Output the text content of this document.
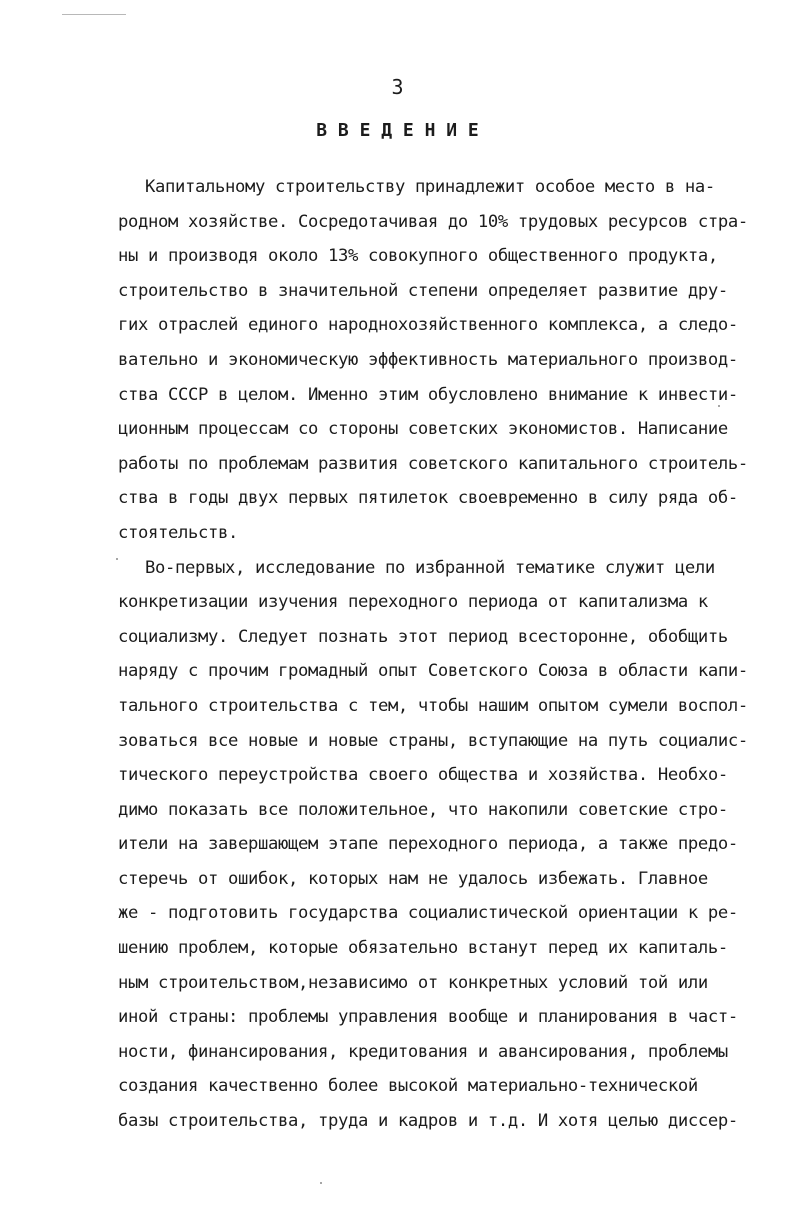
3
В В Е Д Е Н И Е
Капитальному строительству принадлежит особое место в на-
родном хозяйстве. Сосредотачивая до 10% трудовых ресурсов стра-
ны и производя около 13% совокупного общественного продукта,
строительство в значительной степени определяет развитие дру-
гих отраслей единого народнохозяйственного комплекса, а следо-
вательно и экономическую эффективность материального производ-
ства СССР в целом. Именно этим обусловлено внимание к инвести-
ционным процессам со стороны советских экономистов. Написание
работы по проблемам развития советского капитального строитель-
ства в годы двух первых пятилеток своевременно в силу ряда об-
стоятельств.
Во-первых, исследование по избранной тематике служит цели
конкретизации изучения переходного периода от капитализма к
социализму. Следует познать этот период всесторонне, обобщить
наряду с прочим громадный опыт Советского Союза в области капи-
тального строительства с тем, чтобы нашим опытом сумели воспол-
зоваться все новые и новые страны, вступающие на путь социалис-
тического переустройства своего общества и хозяйства. Необхо-
димо показать все положительное, что накопили советские стро-
ители на завершающем этапе переходного периода, а также предо-
стеречь от ошибок, которых нам не удалось избежать. Главное
же - подготовить государства социалистической ориентации к ре-
шению проблем, которые обязательно встанут перед их капиталь-
ным строительством,независимо от конкретных условий той или
иной страны: проблемы управления вообще и планирования в част-
ности, финансирования, кредитования и авансирования, проблемы
создания качественно более высокой материально-технической
базы строительства, труда и кадров и т.д. И хотя целью диссер-
